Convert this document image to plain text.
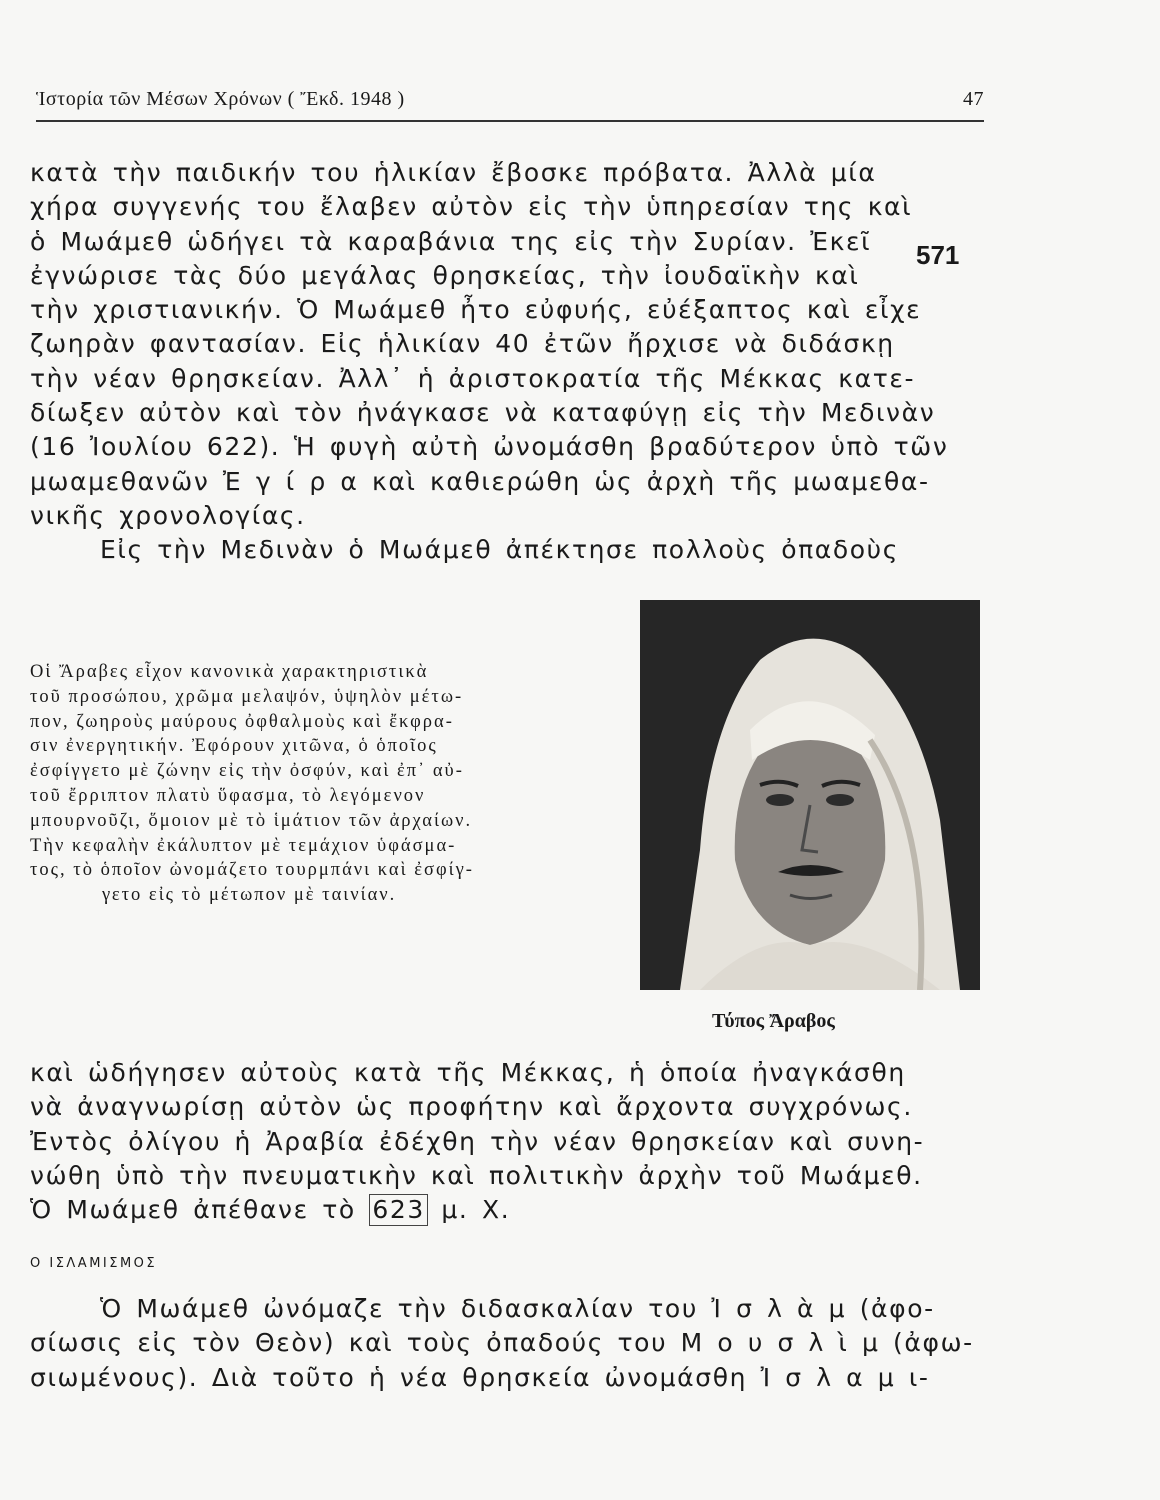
Ἱστορία τῶν Μέσων Χρόνων ( Ἔκδ. 1948 )	47
571
κατὰ τὴν παιδικήν του ἡλικίαν ἔβοσκε πρόβατα. Ἀλλὰ μία
χήρα συγγενής του ἔλαβεν αὐτὸν εἰς τὴν ὑπηρεσίαν της καὶ
ὁ Μωάμεθ ὡδήγει τὰ καραβάνια της εἰς τὴν Συρίαν. Ἐκεῖ
ἐγνώρισε τὰς δύο μεγάλας θρησκείας, τὴν ἰουδαϊκὴν καὶ
τὴν χριστιανικήν. Ὁ Μωάμεθ ἦτο εὐφυής, εὐέξαπτος καὶ εἶχε
ζωηρὰν φαντασίαν. Εἰς ἡλικίαν 40 ἐτῶν ἤρχισε νὰ διδάσκῃ
τὴν νέαν θρησκείαν. Ἀλλ᾽ ἡ ἀριστοκρατία τῆς Μέκκας κατε-
δίωξεν αὐτὸν καὶ τὸν ἠνάγκασε νὰ καταφύγῃ εἰς τὴν Μεδινὰν
(16 Ἰουλίου 622). Ἡ φυγὴ αὐτὴ ὠνομάσθη βραδύτερον ὑπὸ τῶν
μωαμεθανῶν Ἐ γ ί ρ α καὶ καθιερώθη ὡς ἀρχὴ τῆς μωαμεθα-
νικῆς χρονολογίας.
Εἰς τὴν Μεδινὰν ὁ Μωάμεθ ἀπέκτησε πολλοὺς ὀπαδοὺς
Οἱ Ἄραβες εἶχον κανονικὰ χαρακτηριστικὰ
τοῦ προσώπου, χρῶμα μελαψόν, ὑψηλὸν μέτω-
πον, ζωηροὺς μαύρους ὀφθαλμοὺς καὶ ἔκφρα-
σιν ἐνεργητικήν. Ἐφόρουν χιτῶνα, ὁ ὁποῖος
ἐσφίγγετο μὲ ζώνην εἰς τὴν ὀσφύν, καὶ ἐπ᾽ αὐ-
τοῦ ἔρριπτον πλατὺ ὕφασμα, τὸ λεγόμενον
μπουρνοῦζι, ὅμοιον μὲ τὸ ἱμάτιον τῶν ἀρχαίων.
Τὴν κεφαλὴν ἐκάλυπτον μὲ τεμάχιον ὑφάσμα-
τος, τὸ ὁποῖον ὠνομάζετο τουρμπάνι καὶ ἐσφίγ-
γετο εἰς τὸ μέτωπον μὲ ταινίαν.
Τύπος Ἄραβος
καὶ ὡδήγησεν αὐτοὺς κατὰ τῆς Μέκκας, ἡ ὁποία ἠναγκάσθη
νὰ ἀναγνωρίσῃ αὐτὸν ὡς προφήτην καὶ ἄρχοντα συγχρόνως.
Ἐντὸς ὀλίγου ἡ Ἀραβία ἐδέχθη τὴν νέαν θρησκείαν καὶ συνη-
νώθη ὑπὸ τὴν πνευματικὴν καὶ πολιτικὴν ἀρχὴν τοῦ Μωάμεθ.
Ὁ Μωάμεθ ἀπέθανε τὸ 623 μ. Χ.
Ο ΙΣΛΑΜΙΣΜΟΣ
Ὁ Μωάμεθ ὠνόμαζε τὴν διδασκαλίαν του Ἰ σ λ ὰ μ (ἀφο-
σίωσις εἰς τὸν Θεὸν) καὶ τοὺς ὀπαδούς του Μ ο υ σ λ ὶ μ (ἀφω-
σιωμένους). Διὰ τοῦτο ἡ νέα θρησκεία ὠνομάσθη Ἰ σ λ α μ ι-
